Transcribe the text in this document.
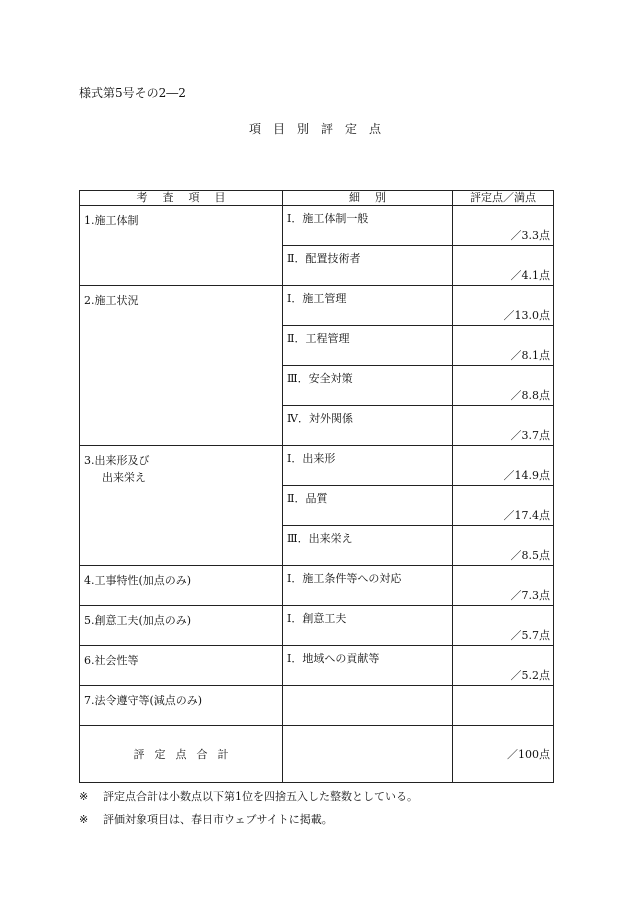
様式第5号その2―2
項目別評定点
考査項目	細別	評定点／満点

1.施工体制	Ⅰ．施工体制一般	／3.3点

	Ⅱ．配置技術者	／4.1点

2.施工状況	Ⅰ．施工管理	／13.0点

	Ⅱ．工程管理	／8.1点

	Ⅲ．安全対策	／8.8点

	Ⅳ．対外関係	／3.7点

3.出来形及び
出来栄え	Ⅰ．出来形	／14.9点

	Ⅱ．品質	／17.4点

	Ⅲ．出来栄え	／8.5点

4.工事特性(加点のみ)	Ⅰ．施工条件等への対応	／7.3点

5.創意工夫(加点のみ)	Ⅰ．創意工夫	／5.7点

6.社会性等	Ⅰ．地域への貢献等	／5.2点

7.法令遵守等(減点のみ)		

評定点合計		／100点
※ 評定点合計は小数点以下第1位を四捨五入した整数としている。
※ 評価対象項目は、春日市ウェブサイトに掲載。
